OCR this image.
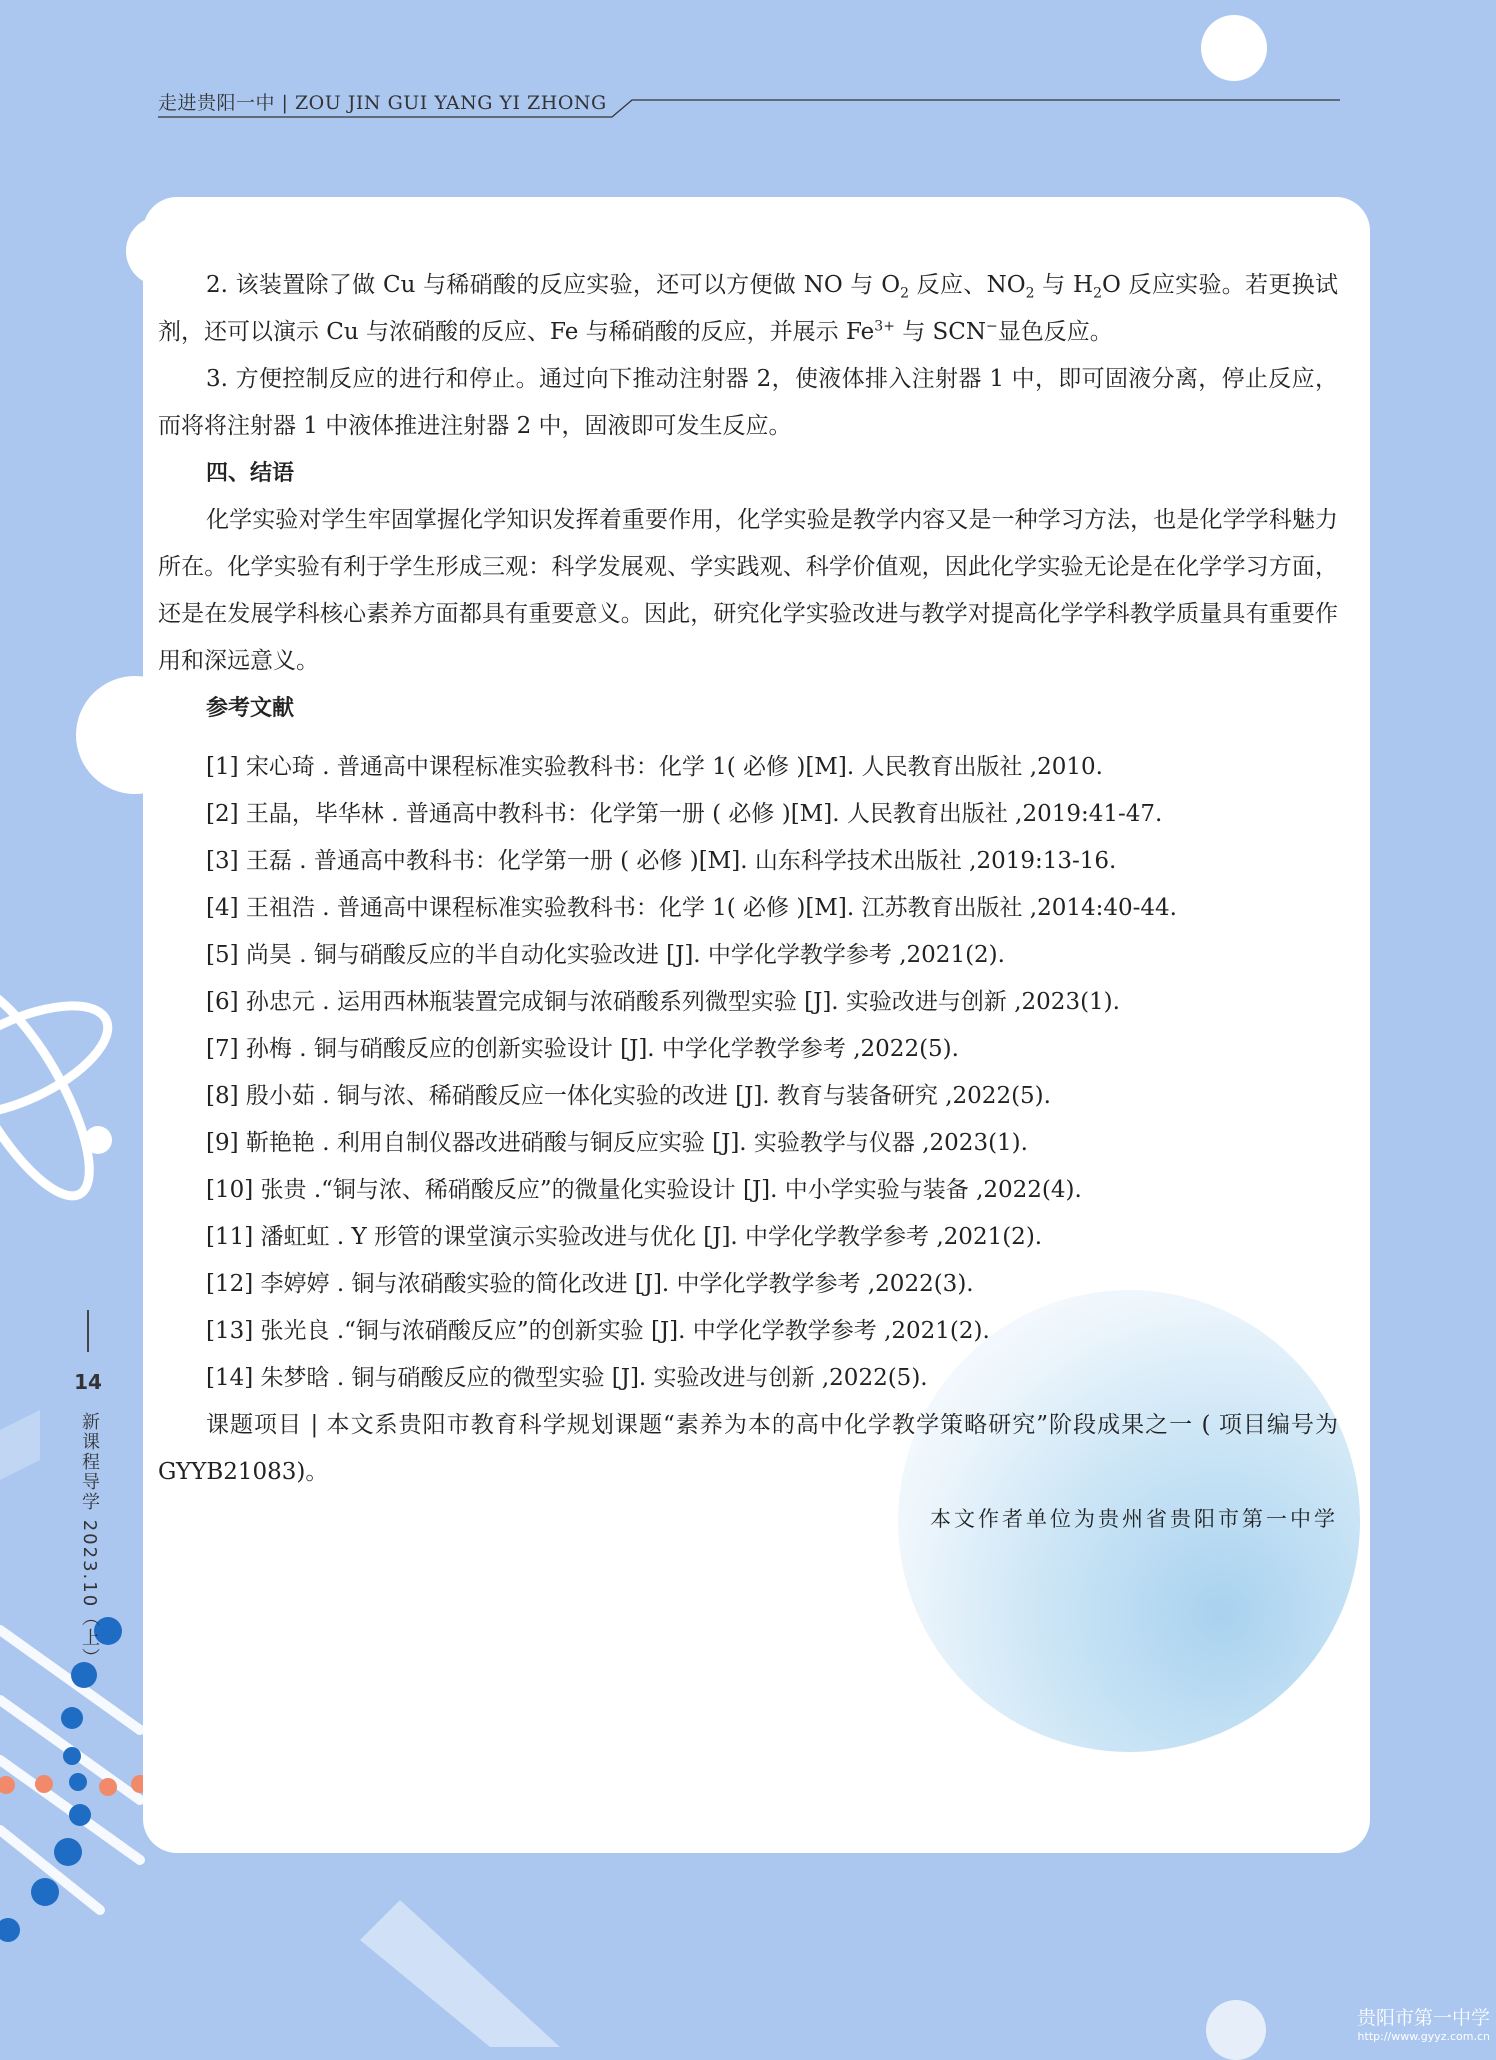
走进贵阳一中 | ZOU JIN GUI YANG YI ZHONG

2. 该装置除了做 Cu 与稀硝酸的反应实验，还可以方便做 NO 与 $O_2$ 反应、$NO_2$ 与 $H_2O$ 反应实验。若更换试剂，还可以演示 Cu 与浓硝酸的反应、Fe 与稀硝酸的反应，并展示 $Fe^{3+}$ 与 SCN−显色反应。

3. 方便控制反应的进行和停止。通过向下推动注射器 2，使液体排入注射器 1 中，即可固液分离，停止反应，而将将注射器 1 中液体推进注射器 2 中，固液即可发生反应。

四、结语

化学实验对学生牢固掌握化学知识发挥着重要作用，化学实验是教学内容又是一种学习方法，也是化学学科魅力所在。化学实验有利于学生形成三观：科学发展观、学实践观、科学价值观，因此化学实验无论是在化学学习方面，还是在发展学科核心素养方面都具有重要意义。因此，研究化学实验改进与教学对提高化学学科教学质量具有重要作用和深远意义。

参考文献

[1] 宋心琦 . 普通高中课程标准实验教科书：化学 1( 必修 )[M]. 人民教育出版社 ,2010.
[2] 王晶，毕华林 . 普通高中教科书：化学第一册 ( 必修 )[M]. 人民教育出版社 ,2019:41-47.
[3] 王磊 . 普通高中教科书：化学第一册 ( 必修 )[M]. 山东科学技术出版社 ,2019:13-16.
[4] 王祖浩 . 普通高中课程标准实验教科书：化学 1( 必修 )[M]. 江苏教育出版社 ,2014:40-44.
[5] 尚昊 . 铜与硝酸反应的半自动化实验改进 [J]. 中学化学教学参考 ,2021(2).
[6] 孙忠元 . 运用西林瓶装置完成铜与浓硝酸系列微型实验 [J]. 实验改进与创新 ,2023(1).
[7] 孙梅 . 铜与硝酸反应的创新实验设计 [J]. 中学化学教学参考 ,2022(5).
[8] 殷小茹 . 铜与浓、稀硝酸反应一体化实验的改进 [J]. 教育与装备研究 ,2022(5).
[9] 靳艳艳 . 利用自制仪器改进硝酸与铜反应实验 [J]. 实验教学与仪器 ,2023(1).
[10] 张贵 .“铜与浓、稀硝酸反应”的微量化实验设计 [J]. 中小学实验与装备 ,2022(4).
[11] 潘虹虹 . Y 形管的课堂演示实验改进与优化 [J]. 中学化学教学参考 ,2021(2).
[12] 李婷婷 . 铜与浓硝酸实验的简化改进 [J]. 中学化学教学参考 ,2022(3).
[13] 张光良 .“铜与浓硝酸反应”的创新实验 [J]. 中学化学教学参考 ,2021(2).
[14] 朱梦晗 . 铜与硝酸反应的微型实验 [J]. 实验改进与创新 ,2022(5).

课题项目 | 本文系贵阳市教育科学规划课题“素养为本的高中化学教学策略研究”阶段成果之一 ( 项目编号为 GYYB21083)。

本文作者单位为贵州省贵阳市第一中学

14
新课程导学 2023.10（上）
贵阳市第一中学
http://www.gyyz.com.cn
